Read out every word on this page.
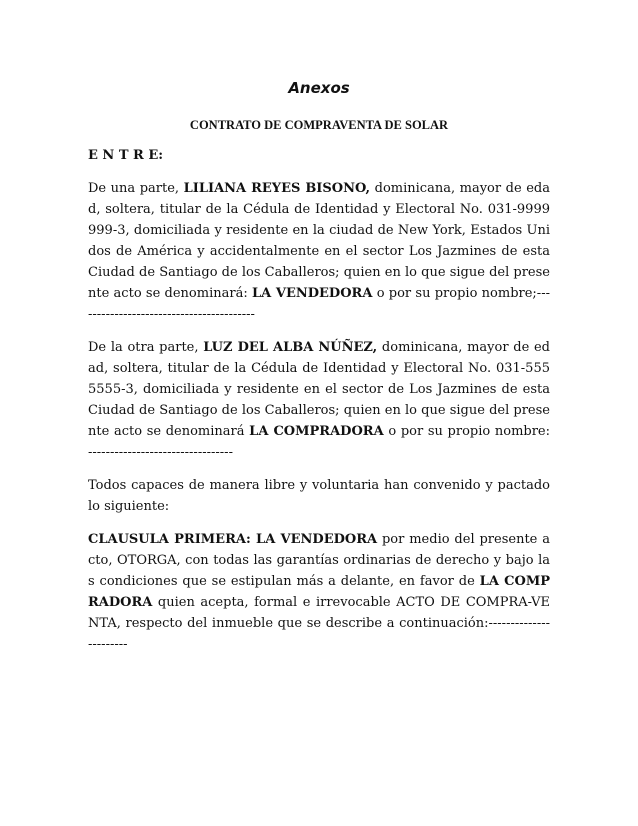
Anexos
CONTRATO DE COMPRAVENTA DE SOLAR

E N T R E:

De una parte, LILIANA REYES BISONO, dominicana, mayor de edad, soltera, titular de la Cédula de Identidad y Electoral No. 031-9999999-3, domiciliada y residente en la ciudad de New York, Estados Unidos de América y accidentalmente en el sector Los Jazmines de esta Ciudad de Santiago de los Caballeros; quien en lo que sigue del presente acto se denominará: LA VENDEDORA o por su propio nombre;-----------------------------------------

De la otra parte, LUZ DEL ALBA NÚÑEZ, dominicana, mayor de edad, soltera, titular de la Cédula de Identidad y Electoral No. 031-5555555-3, domiciliada y residente en el sector de Los Jazmines de esta Ciudad de Santiago de los Caballeros; quien en lo que sigue del presente acto se denominará LA COMPRADORA o por su propio nombre: ---------------------------------

Todos capaces de manera libre y voluntaria han convenido y pactado lo siguiente:

CLAUSULA PRIMERA: LA VENDEDORA por medio del presente acto, OTORGA, con todas las garantías ordinarias de derecho y bajo las condiciones que se estipulan más a delante, en favor de LA COMPRADORA quien acepta, formal e irrevocable ACTO DE COMPRA-VENTA, respecto del inmueble que se describe a continuación:-----------------------
